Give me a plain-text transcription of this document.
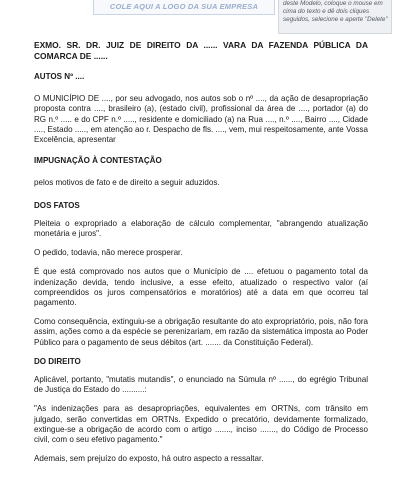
COLE AQUI A LOGO DA SUA EMPRESA	deste Modelo, coloque o mouse em cima do texto e dê dois cliques seguidos, selecione e aperte "Delete"
EXMO. SR. DR. JUIZ DE DIREITO DA ...... VARA DA FAZENDA PÚBLICA DA COMARCA DE ......
AUTOS Nº ....
O MUNICÍPIO DE ...., por seu advogado, nos autos sob o nº ...., da ação de desapropriação proposta contra ...., brasileiro (a), (estado civil), profissional da área de ...., portador (a) do RG n.º ..... e do CPF n.º ....., residente e domiciliado (a) na Rua ...., n.º ...., Bairro ...., Cidade ...., Estado ....., em atenção ao r. Despacho de fls. ...., vem, mui respeitosamente, ante Vossa Excelência, apresentar
IMPUGNAÇÃO À CONTESTAÇÃO
pelos motivos de fato e de direito a seguir aduzidos.
DOS FATOS
Pleiteia o expropriado a elaboração de cálculo complementar, "abrangendo atualização monetária e juros".
O pedido, todavia, não merece prosperar.
É que está comprovado nos autos que o Município de .... efetuou o pagamento total da indenização devida, tendo inclusive, a esse efeito, atualizado o respectivo valor (aí compreendidos os juros compensatórios e moratórios) até a data em que ocorreu tal pagamento.
Como consequência, extinguiu-se a obrigação resultante do ato expropriatório, pois, não fora assim, ações como a da espécie se perenizariam, em razão da sistemática imposta ao Poder Público para o pagamento de seus débitos (art. ....... da Constituição Federal).
DO DIREITO
Aplicável, portanto, "mutatis mutandis", o enunciado na Súmula nº ......, do egrégio Tribunal de Justiça do Estado do ..........:
"As indenizações para as desapropriações, equivalentes em ORTNs, com trânsito em julgado, serão convertidas em ORTNs. Expedido o precatório, devidamente formalizado, extingue-se a obrigação de acordo com o artigo ......., inciso ......., do Código de Processo civil, com o seu efetivo pagamento."
Ademais, sem prejuízo do exposto, há outro aspecto a ressaltar.
